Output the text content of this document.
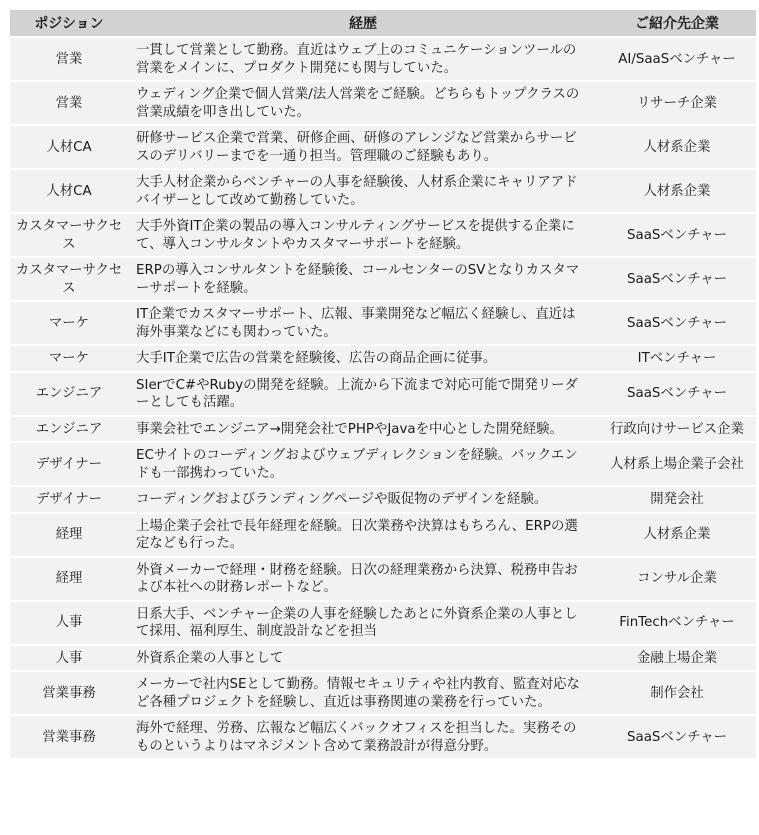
ポジション	経歴	ご紹介先企業
営業	一貫して営業として勤務。直近はウェブ上のコミュニケーションツールの営業をメインに、プロダクト開発にも関与していた。	AI/SaaSベンチャー
営業	ウェディング企業で個人営業/法人営業をご経験。どちらもトップクラスの営業成績を叩き出していた。	リサーチ企業
人材CA	研修サービス企業で営業、研修企画、研修のアレンジなど営業からサービスのデリバリーまでを一通り担当。管理職のご経験もあり。	人材系企業
人材CA	大手人材企業からベンチャーの人事を経験後、人材系企業にキャリアアドバイザーとして改めて勤務していた。	人材系企業
カスタマーサクセス	大手外資IT企業の製品の導入コンサルティングサービスを提供する企業にて、導入コンサルタントやカスタマーサポートを経験。	SaaSベンチャー
カスタマーサクセス	ERPの導入コンサルタントを経験後、コールセンターのSVとなりカスタマーサポートを経験。	SaaSベンチャー
マーケ	IT企業でカスタマーサポート、広報、事業開発など幅広く経験し、直近は海外事業などにも関わっていた。	SaaSベンチャー
マーケ	大手IT企業で広告の営業を経験後、広告の商品企画に従事。	ITベンチャー
エンジニア	SIerでC#やRubyの開発を経験。上流から下流まで対応可能で開発リーダーとしても活躍。	SaaSベンチャー
エンジニア	事業会社でエンジニア→開発会社でPHPやJavaを中心とした開発経験。	行政向けサービス企業
デザイナー	ECサイトのコーディングおよびウェブディレクションを経験。バックエンドも一部携わっていた。	人材系上場企業子会社
デザイナー	コーディングおよびランディングページや販促物のデザインを経験。	開発会社
経理	上場企業子会社で長年経理を経験。日次業務や決算はもちろん、ERPの選定なども行った。	人材系企業
経理	外資メーカーで経理・財務を経験。日次の経理業務から決算、税務申告および本社への財務レポートなど。	コンサル企業
人事	日系大手、ベンチャー企業の人事を経験したあとに外資系企業の人事として採用、福利厚生、制度設計などを担当	FinTechベンチャー
人事	外資系企業の人事として	金融上場企業
営業事務	メーカーで社内SEとして勤務。情報セキュリティや社内教育、監査対応など各種プロジェクトを経験し、直近は事務関連の業務を行っていた。	制作会社
営業事務	海外で経理、労務、広報など幅広くバックオフィスを担当した。実務そのものというよりはマネジメント含めて業務設計が得意分野。	SaaSベンチャー
